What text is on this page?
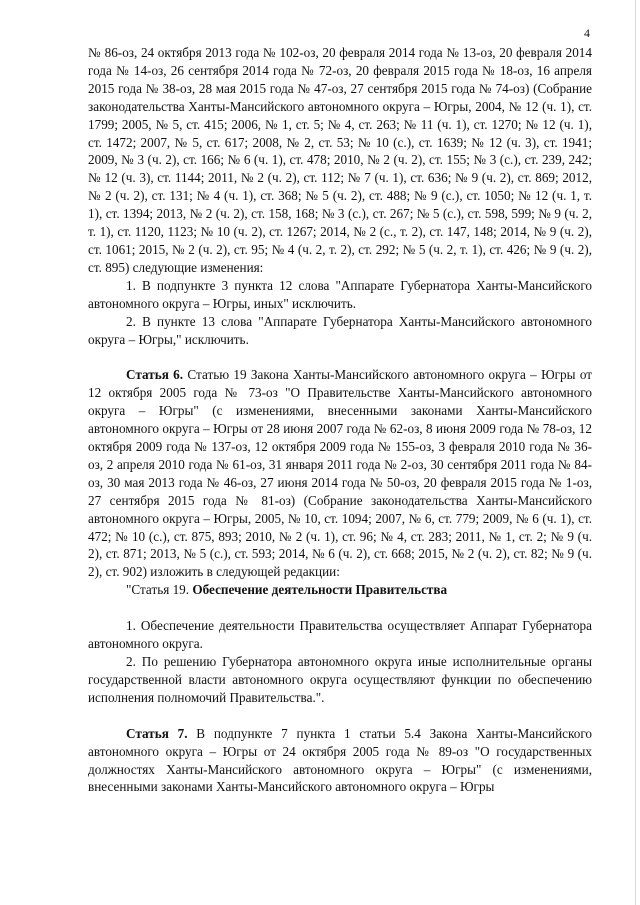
4

№ 86-оз, 24 октября 2013 года № 102-оз, 20 февраля 2014 года № 13-оз, 20 февраля 2014 года № 14-оз, 26 сентября 2014 года № 72-оз, 20 февраля 2015 года № 18-оз, 16 апреля 2015 года № 38-оз, 28 мая 2015 года № 47-оз, 27 сентября 2015 года № 74-оз) (Собрание законодательства Ханты-Мансийского автономного округа – Югры, 2004, № 12 (ч. 1), ст. 1799; 2005, № 5, ст. 415; 2006, № 1, ст. 5; № 4, ст. 263; № 11 (ч. 1), ст. 1270; № 12 (ч. 1), ст. 1472; 2007, № 5, ст. 617; 2008, № 2, ст. 53; № 10 (с.), ст. 1639; № 12 (ч. 3), ст. 1941; 2009, № 3 (ч. 2), ст. 166; № 6 (ч. 1), ст. 478; 2010, № 2 (ч. 2), ст. 155; № 3 (с.), ст. 239, 242; № 12 (ч. 3), ст. 1144; 2011, № 2 (ч. 2), ст. 112; № 7 (ч. 1), ст. 636; № 9 (ч. 2), ст. 869; 2012, № 2 (ч. 2), ст. 131; № 4 (ч. 1), ст. 368; № 5 (ч. 2), ст. 488; № 9 (с.), ст. 1050; № 12 (ч. 1, т. 1), ст. 1394; 2013, № 2 (ч. 2), ст. 158, 168; № 3 (с.), ст. 267; № 5 (с.), ст. 598, 599; № 9 (ч. 2, т. 1), ст. 1120, 1123; № 10 (ч. 2), ст. 1267; 2014, № 2 (с., т. 2), ст. 147, 148; 2014, № 9 (ч. 2), ст. 1061; 2015, № 2 (ч. 2), ст. 95; № 4 (ч. 2, т. 2), ст. 292; № 5 (ч. 2, т. 1), ст. 426; № 9 (ч. 2), ст. 895) следующие изменения:

1. В подпункте 3 пункта 12 слова "Аппарате Губернатора Ханты-Мансийского автономного округа – Югры, иных" исключить.

2. В пункте 13 слова "Аппарате Губернатора Ханты-Мансийского автономного округа – Югры," исключить.

Статья 6. Статью 19 Закона Ханты-Мансийского автономного округа – Югры от 12 октября 2005 года № 73-оз "О Правительстве Ханты-Мансийского автономного округа – Югры" (с изменениями, внесенными законами Ханты-Мансийского автономного округа – Югры от 28 июня 2007 года № 62-оз, 8 июня 2009 года № 78-оз, 12 октября 2009 года № 137-оз, 12 октября 2009 года № 155-оз, 3 февраля 2010 года № 36-оз, 2 апреля 2010 года № 61-оз, 31 января 2011 года № 2-оз, 30 сентября 2011 года № 84-оз, 30 мая 2013 года № 46-оз, 27 июня 2014 года № 50-оз, 20 февраля 2015 года № 1-оз, 27 сентября 2015 года № 81-оз) (Собрание законодательства Ханты-Мансийского автономного округа – Югры, 2005, № 10, ст. 1094; 2007, № 6, ст. 779; 2009, № 6 (ч. 1), ст. 472; № 10 (с.), ст. 875, 893; 2010, № 2 (ч. 1), ст. 96; № 4, ст. 283; 2011, № 1, ст. 2; № 9 (ч. 2), ст. 871; 2013, № 5 (с.), ст. 593; 2014, № 6 (ч. 2), ст. 668; 2015, № 2 (ч. 2), ст. 82; № 9 (ч. 2), ст. 902) изложить в следующей редакции:

"Статья 19. Обеспечение деятельности Правительства

1. Обеспечение деятельности Правительства осуществляет Аппарат Губернатора автономного округа.

2. По решению Губернатора автономного округа иные исполнительные органы государственной власти автономного округа осуществляют функции по обеспечению исполнения полномочий Правительства.".

Статья 7. В подпункте 7 пункта 1 статьи 5.4 Закона Ханты-Мансийского автономного округа – Югры от 24 октября 2005 года № 89-оз "О государственных должностях Ханты-Мансийского автономного округа – Югры" (с изменениями, внесенными законами Ханты-Мансийского автономного округа – Югры
